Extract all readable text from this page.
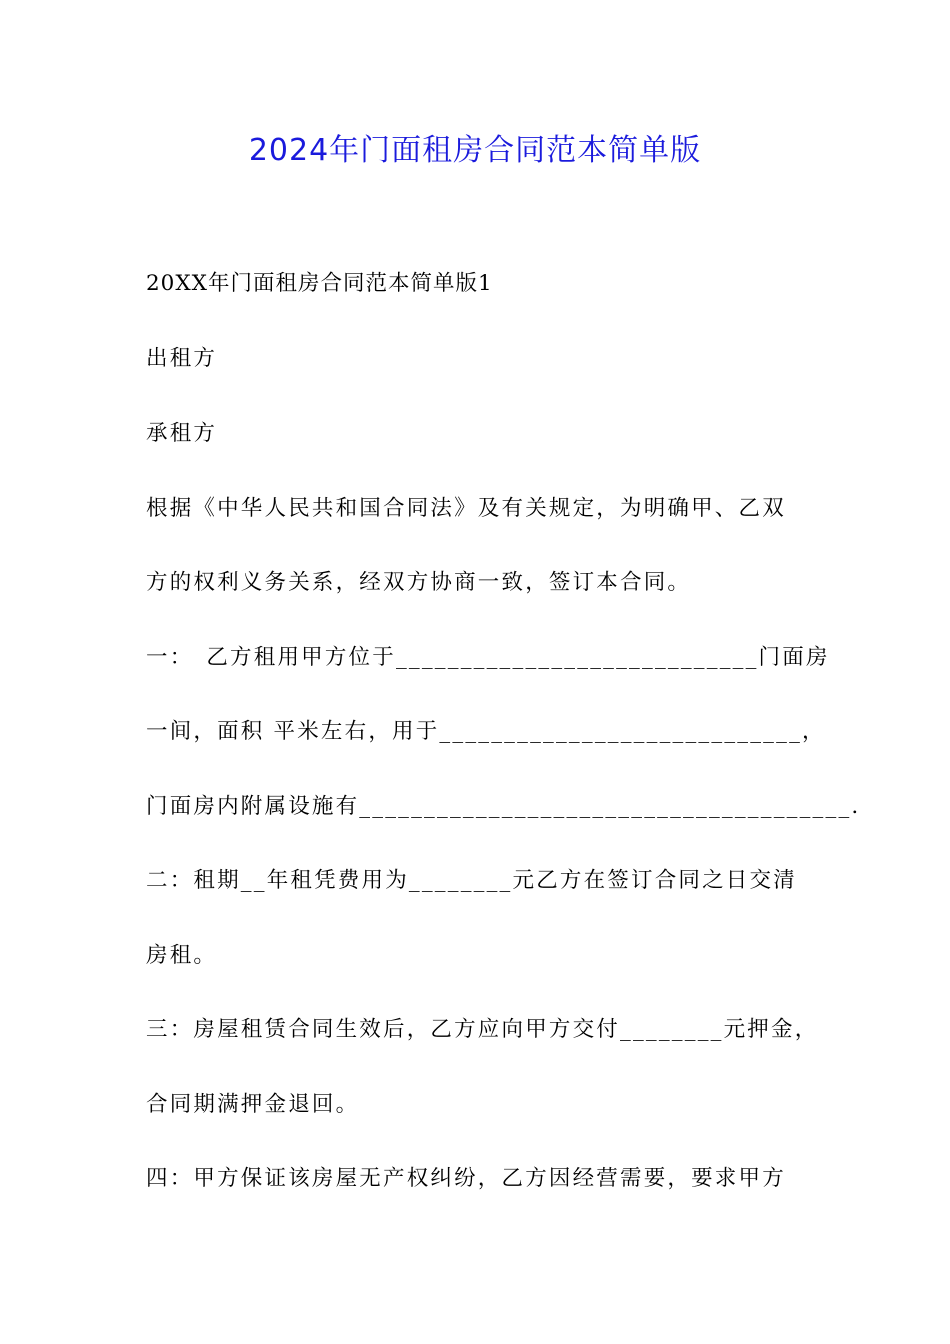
2024年门面租房合同范本简单版
20XX年门面租房合同范本简单版1
出租方
承租方
根据《中华人民共和国合同法》及有关规定，为明确甲、乙双
方的权利义务关系，经双方协商一致，签订本合同。
一：　乙方租用甲方位于____________________________门面房
一间，面积 平米左右，用于____________________________，
门面房内附属设施有______________________________________.
二：租期__年租凭费用为________元乙方在签订合同之日交清
房租。
三：房屋租赁合同生效后，乙方应向甲方交付________元押金，
合同期满押金退回。
四：甲方保证该房屋无产权纠纷，乙方因经营需要，要求甲方
